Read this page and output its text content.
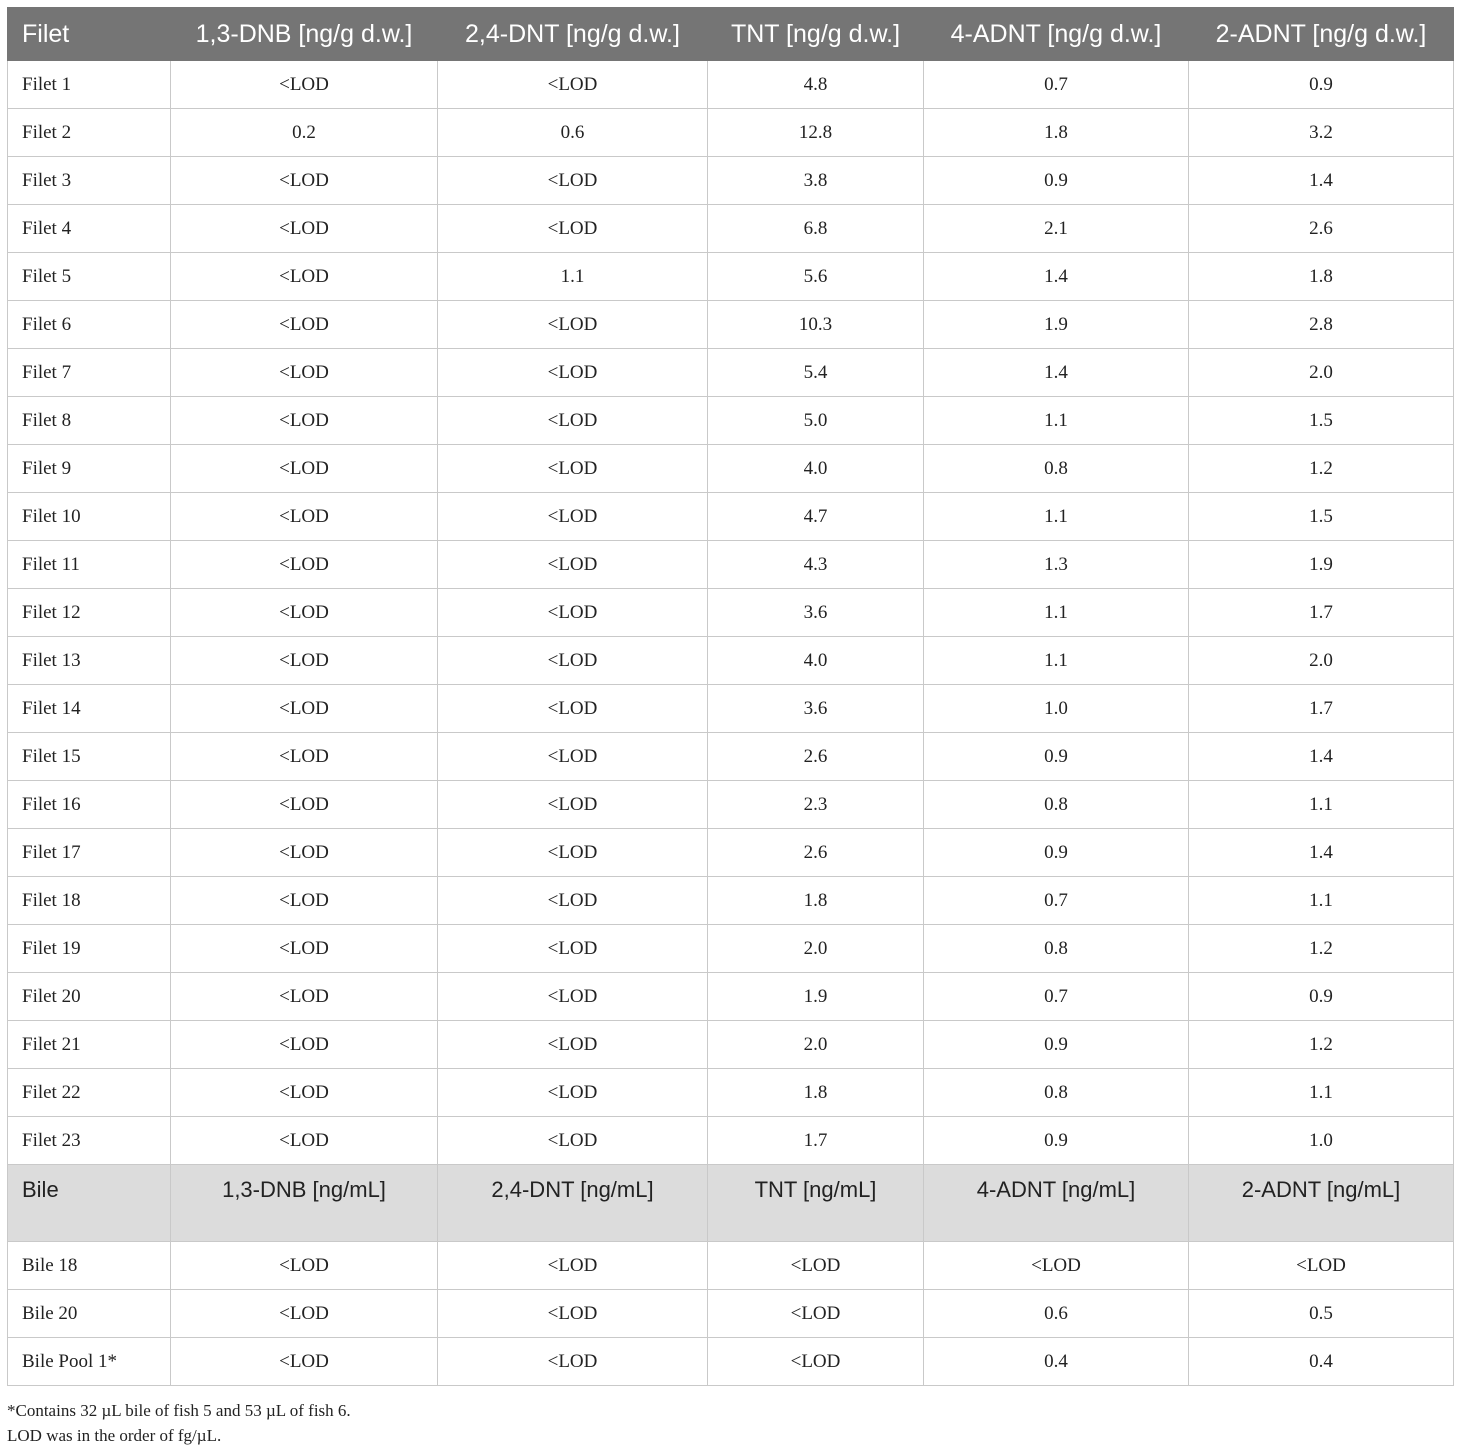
Filet	1,3-DNB [ng/g d.w.]	2,4-DNT [ng/g d.w.]	TNT [ng/g d.w.]	4-ADNT [ng/g d.w.]	2-ADNT [ng/g d.w.]
Filet 1	<LOD	<LOD	4.8	0.7	0.9
Filet 2	0.2	0.6	12.8	1.8	3.2
Filet 3	<LOD	<LOD	3.8	0.9	1.4
Filet 4	<LOD	<LOD	6.8	2.1	2.6
Filet 5	<LOD	1.1	5.6	1.4	1.8
Filet 6	<LOD	<LOD	10.3	1.9	2.8
Filet 7	<LOD	<LOD	5.4	1.4	2.0
Filet 8	<LOD	<LOD	5.0	1.1	1.5
Filet 9	<LOD	<LOD	4.0	0.8	1.2
Filet 10	<LOD	<LOD	4.7	1.1	1.5
Filet 11	<LOD	<LOD	4.3	1.3	1.9
Filet 12	<LOD	<LOD	3.6	1.1	1.7
Filet 13	<LOD	<LOD	4.0	1.1	2.0
Filet 14	<LOD	<LOD	3.6	1.0	1.7
Filet 15	<LOD	<LOD	2.6	0.9	1.4
Filet 16	<LOD	<LOD	2.3	0.8	1.1
Filet 17	<LOD	<LOD	2.6	0.9	1.4
Filet 18	<LOD	<LOD	1.8	0.7	1.1
Filet 19	<LOD	<LOD	2.0	0.8	1.2
Filet 20	<LOD	<LOD	1.9	0.7	0.9
Filet 21	<LOD	<LOD	2.0	0.9	1.2
Filet 22	<LOD	<LOD	1.8	0.8	1.1
Filet 23	<LOD	<LOD	1.7	0.9	1.0
Bile	1,3-DNB [ng/mL]	2,4-DNT [ng/mL]	TNT [ng/mL]	4-ADNT [ng/mL]	2-ADNT [ng/mL]
Bile 18	<LOD	<LOD	<LOD	<LOD	<LOD
Bile 20	<LOD	<LOD	<LOD	0.6	0.5
Bile Pool 1*	<LOD	<LOD	<LOD	0.4	0.4
*Contains 32 µL bile of fish 5 and 53 µL of fish 6.
LOD was in the order of fg/µL.
